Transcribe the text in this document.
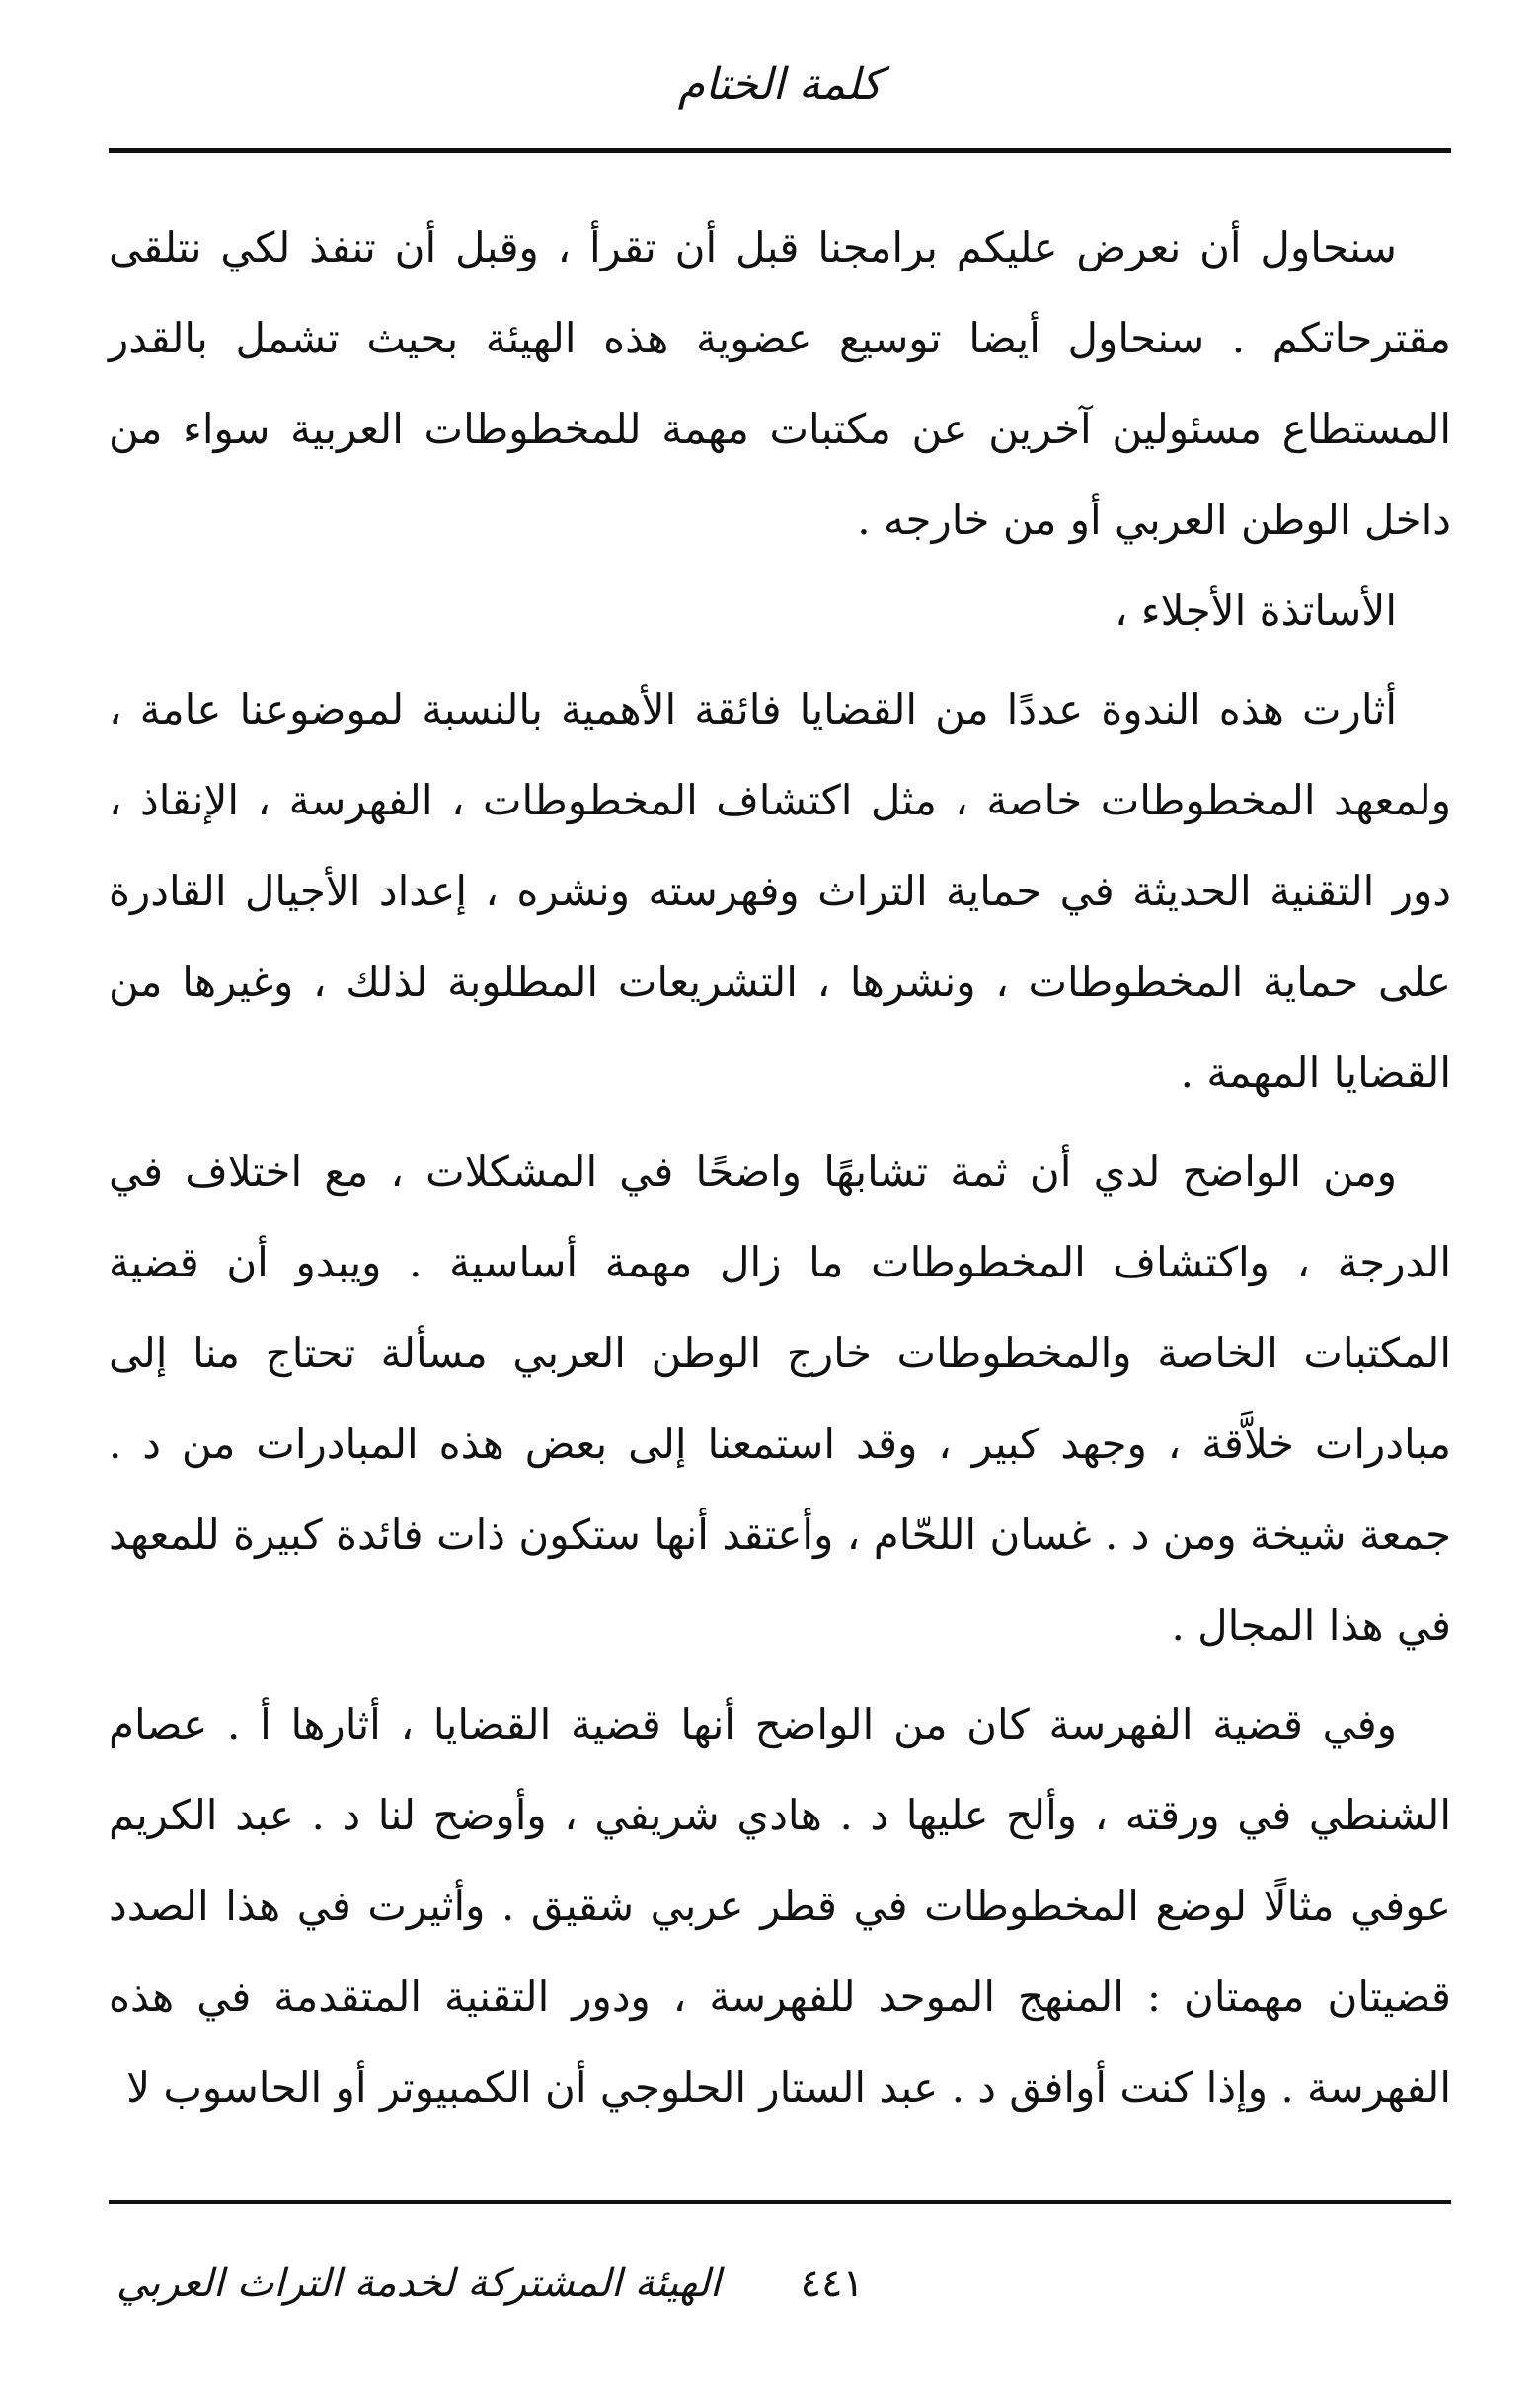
كلمة الختام

سنحاول أن نعرض عليكم برامجنا قبل أن تقرأ ، وقبل أن تنفذ لكي نتلقى مقترحاتكم . سنحاول أيضا توسيع عضوية هذه الهيئة بحيث تشمل بالقدر المستطاع مسئولين آخرين عن مكتبات مهمة للمخطوطات العربية سواء من داخل الوطن العربي أو من خارجه .

الأساتذة الأجلاء ،

أثارت هذه الندوة عددًا من القضايا فائقة الأهمية بالنسبة لموضوعنا عامة ، ولمعهد المخطوطات خاصة ، مثل اكتشاف المخطوطات ، الفهرسة ، الإنقاذ ، دور التقنية الحديثة في حماية التراث وفهرسته ونشره ، إعداد الأجيال القادرة على حماية المخطوطات ، ونشرها ، التشريعات المطلوبة لذلك ، وغيرها من القضايا المهمة .

ومن الواضح لدي أن ثمة تشابهًا واضحًا في المشكلات ، مع اختلاف في الدرجة ، واكتشاف المخطوطات ما زال مهمة أساسية . ويبدو أن قضية المكتبات الخاصة والمخطوطات خارج الوطن العربي مسألة تحتاج منا إلى مبادرات خلاَّقة ، وجهد كبير ، وقد استمعنا إلى بعض هذه المبادرات من د . جمعة شيخة ومن د . غسان اللحّام ، وأعتقد أنها ستكون ذات فائدة كبيرة للمعهد في هذا المجال .

وفي قضية الفهرسة كان من الواضح أنها قضية القضايا ، أثارها أ . عصام الشنطي في ورقته ، وألح عليها د . هادي شريفي ، وأوضح لنا د . عبد الكريم عوفي مثالًا لوضع المخطوطات في قطر عربي شقيق . وأثيرت في هذا الصدد قضيتان مهمتان : المنهج الموحد للفهرسة ، ودور التقنية المتقدمة في هذه الفهرسة . وإذا كنت أوافق د . عبد الستار الحلوجي أن الكمبيوتر أو الحاسوب لا

٤٤١
الهيئة المشتركة لخدمة التراث العربي
